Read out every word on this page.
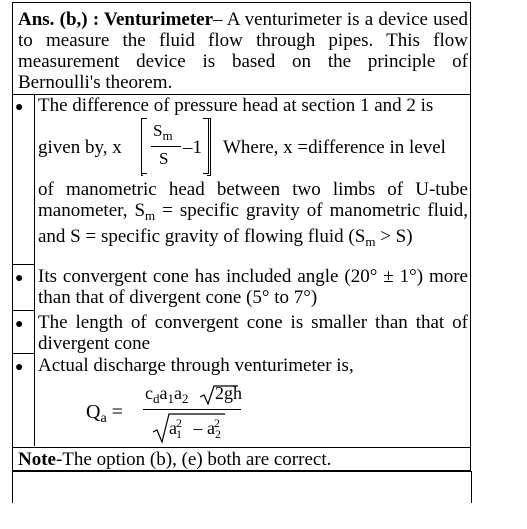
Ans. (b,) : Venturimeter– A venturimeter is a device used to measure the fluid flow through pipes. This flow measurement device is based on the principle of Bernoulli's theorem.
● The difference of pressure head at section 1 and 2 is
given by, x
$S_m$
S
–1 Where, x =difference in level
of manometric head between two limbs of U-tube manometer, $S_m$ = specific gravity of manometric fluid, and S = specific gravity of flowing fluid $(S_m > S)$
● Its convergent cone has included angle (20° ± 1°) more than that of divergent cone (5° to 7°)
● The length of convergent cone is smaller than that of divergent cone
● Actual discharge through venturimeter is,
$Q_a$ =
$c_da_1a_2$ 2gh
$a_1^2 - a_2^2$
Note-The option (b), (e) both are correct.
